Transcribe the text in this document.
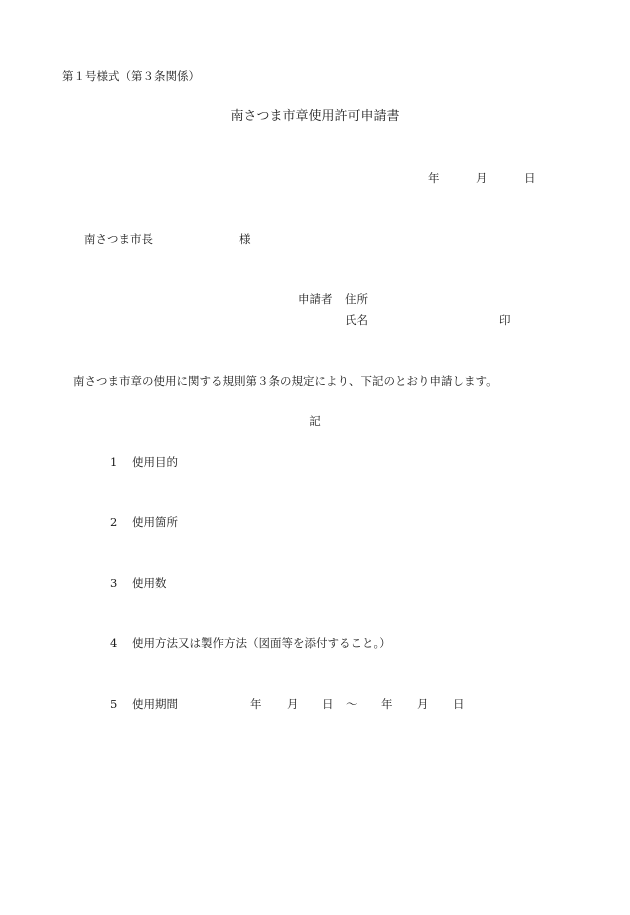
第１号様式（第３条関係）
南さつま市章使用許可申請書
年	月	日
南さつま市長	様
申請者 住所
氏名	印
南さつま市章の使用に関する規則第３条の規定により、下記のとおり申請します。
記
1 使用目的
2 使用箇所
3 使用数
4 使用方法又は製作方法（図面等を添付すること。）
5 使用期間	年 月 日 ～ 年 月 日
